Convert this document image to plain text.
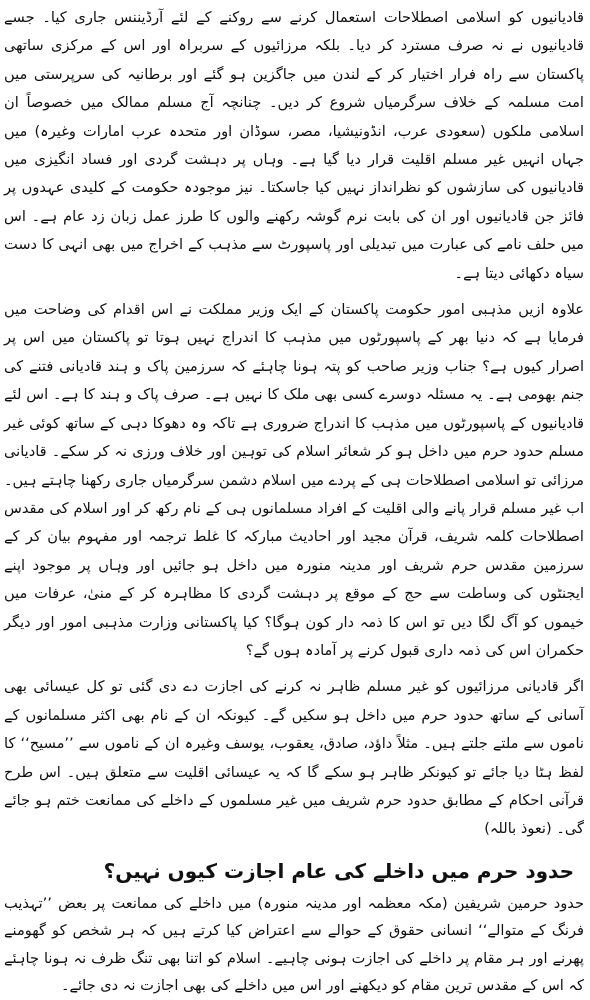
قادیانیوں کو اسلامی اصطلاحات استعمال کرنے سے روکنے کے لئے آرڈیننس جاری کیا۔ جسے قادیانیوں نے نہ صرف مسترد کر دیا۔ بلکہ مرزائیوں کے سربراہ اور اس کے مرکزی ساتھی پاکستان سے راہ فرار اختیار کر کے لندن میں جاگزین ہو گئے اور برطانیہ کی سرپرستی میں امت مسلمہ کے خلاف سرگرمیاں شروع کر دیں۔ چنانچہ آج مسلم ممالک میں خصوصاً ان اسلامی ملکوں (سعودی عرب، انڈونیشیا، مصر، سوڈان اور متحدہ عرب امارات وغیرہ) میں جہاں انہیں غیر مسلم اقلیت قرار دیا گیا ہے۔ وہاں پر دہشت گردی اور فساد انگیزی میں قادیانیوں کی سازشوں کو نظرانداز نہیں کیا جاسکتا۔ نیز موجودہ حکومت کے کلیدی عہدوں پر فائز جن قادیانیوں اور ان کی بابت نرم گوشہ رکھنے والوں کا طرز عمل زبان زد عام ہے۔ اس میں حلف نامے کی عبارت میں تبدیلی اور پاسپورٹ سے مذہب کے اخراج میں بھی انہی کا دست سیاہ دکھائی دیتا ہے۔

علاوہ ازیں مذہبی امور حکومت پاکستان کے ایک وزیر مملکت نے اس اقدام کی وضاحت میں فرمایا ہے کہ دنیا بھر کے پاسپورٹوں میں مذہب کا اندراج نہیں ہوتا تو پاکستان میں اس پر اصرار کیوں ہے؟ جناب وزیر صاحب کو پتہ ہونا چاہئے کہ سرزمین پاک و ہند قادیانی فتنے کی جنم بھومی ہے۔ یہ مسئلہ دوسرے کسی بھی ملک کا نہیں ہے۔ صرف پاک و ہند کا ہے۔ اس لئے قادیانیوں کے پاسپورٹوں میں مذہب کا اندراج ضروری ہے تاکہ وہ دھوکا دہی کے ساتھ کوئی غیر مسلم حدود حرم میں داخل ہو کر شعائر اسلام کی توہین اور خلاف ورزی نہ کر سکے۔ قادیانی مرزائی تو اسلامی اصطلاحات ہی کے پردے میں اسلام دشمن سرگرمیاں جاری رکھنا چاہتے ہیں۔ اب غیر مسلم قرار پانے والی اقلیت کے افراد مسلمانوں ہی کے نام رکھ کر اور اسلام کی مقدس اصطلاحات کلمہ شریف، قرآن مجید اور احادیث مبارکہ کا غلط ترجمہ اور مفہوم بیان کر کے سرزمین مقدس حرم شریف اور مدینہ منورہ میں داخل ہو جائیں اور وہاں پر موجود اپنے ایجنٹوں کی وساطت سے حج کے موقع پر دہشت گردی کا مظاہرہ کر کے منیٰ، عرفات میں خیموں کو آگ لگا دیں تو اس کا ذمہ دار کون ہوگا؟ کیا پاکستانی وزارت مذہبی امور اور دیگر حکمران اس کی ذمہ داری قبول کرنے پر آمادہ ہوں گے؟

اگر قادیانی مرزائیوں کو غیر مسلم ظاہر نہ کرنے کی اجازت دے دی گئی تو کل عیسائی بھی آسانی کے ساتھ حدود حرم میں داخل ہو سکیں گے۔ کیونکہ ان کے نام بھی اکثر مسلمانوں کے ناموں سے ملتے جلتے ہیں۔ مثلاً داؤد، صادق، یعقوب، یوسف وغیرہ ان کے ناموں سے ’’مسیح‘‘ کا لفظ ہٹا دیا جائے تو کیونکر ظاہر ہو سکے گا کہ یہ عیسائی اقلیت سے متعلق ہیں۔ اس طرح قرآنی احکام کے مطابق حدود حرم شریف میں غیر مسلموں کے داخلے کی ممانعت ختم ہو جائے گی۔ (نعوذ باللہ)

حدود حرم میں داخلے کی عام اجازت کیوں نہیں؟

حدود حرمین شریفین (مکہ معظمہ اور مدینہ منورہ) میں داخلے کی ممانعت پر بعض ’’تہذیب فرنگ کے متوالے‘‘ انسانی حقوق کے حوالے سے اعتراض کیا کرتے ہیں کہ ہر شخص کو گھومنے پھرنے اور ہر مقام پر داخلے کی اجازت ہونی چاہیے۔ اسلام کو اتنا بھی تنگ ظرف نہ ہونا چاہئے کہ اس کے مقدس ترین مقام کو دیکھنے اور اس میں داخلے کی بھی اجازت نہ دی جائے۔
